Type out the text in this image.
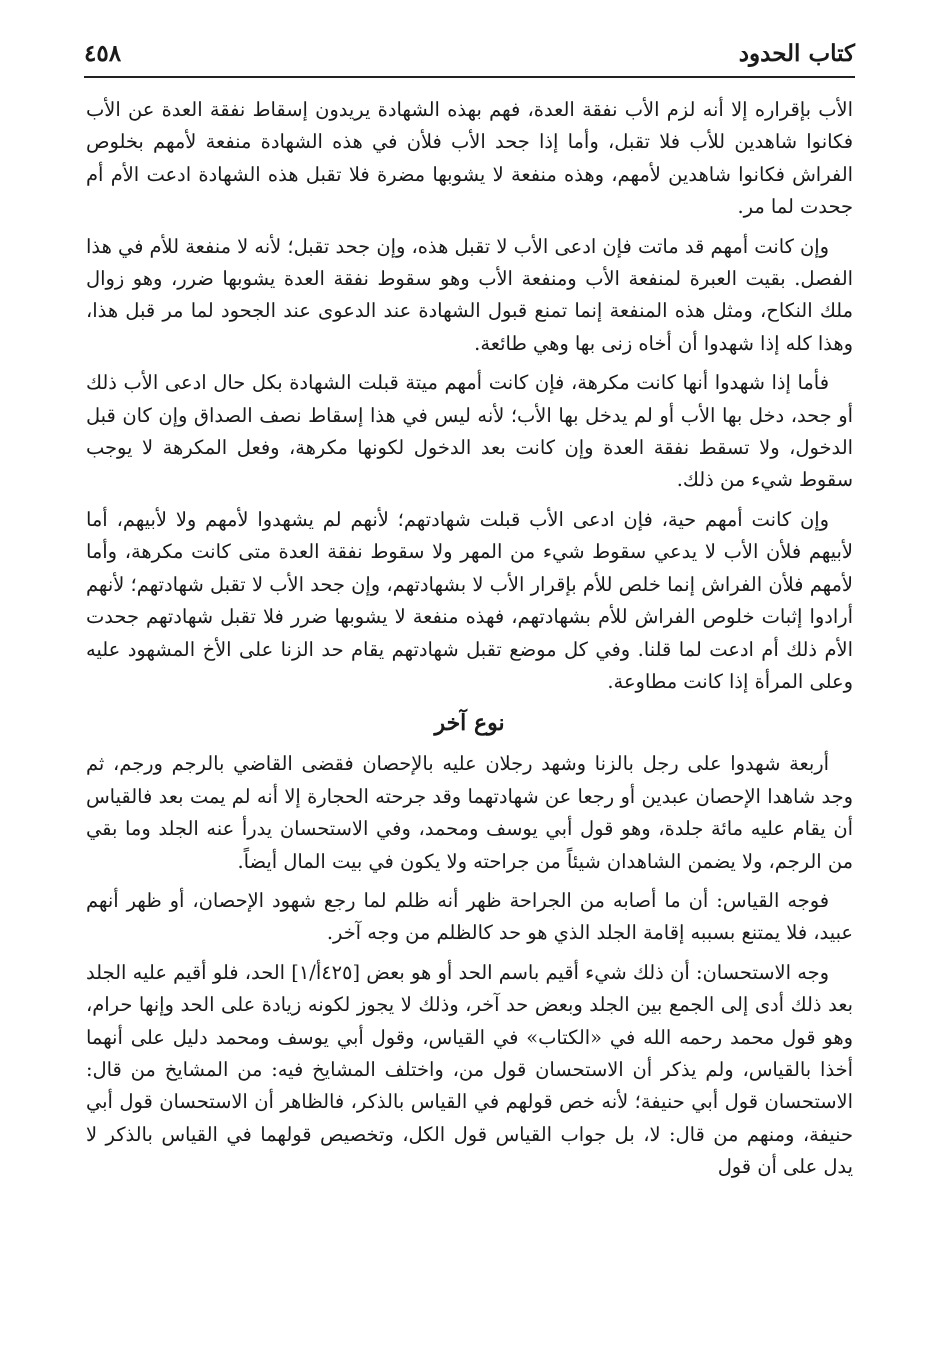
كتاب الحدود
٤٥٨

الأب بإقراره إلا أنه لزم الأب نفقة العدة، فهم بهذه الشهادة يريدون إسقاط نفقة العدة عن الأب فكانوا شاهدين للأب فلا تقبل، وأما إذا جحد الأب فلأن في هذه الشهادة منفعة لأمهم بخلوص الفراش فكانوا شاهدين لأمهم، وهذه منفعة لا يشوبها مضرة فلا تقبل هذه الشهادة ادعت الأم أم جحدت لما مر.

وإن كانت أمهم قد ماتت فإن ادعى الأب لا تقبل هذه، وإن جحد تقبل؛ لأنه لا منفعة للأم في هذا الفصل. بقيت العبرة لمنفعة الأب ومنفعة الأب وهو سقوط نفقة العدة يشوبها ضرر، وهو زوال ملك النكاح، ومثل هذه المنفعة إنما تمنع قبول الشهادة عند الدعوى عند الجحود لما مر قبل هذا، وهذا كله إذا شهدوا أن أخاه زنى بها وهي طائعة.

فأما إذا شهدوا أنها كانت مكرهة، فإن كانت أمهم ميتة قبلت الشهادة بكل حال ادعى الأب ذلك أو جحد، دخل بها الأب أو لم يدخل بها الأب؛ لأنه ليس في هذا إسقاط نصف الصداق وإن كان قبل الدخول، ولا تسقط نفقة العدة وإن كانت بعد الدخول لكونها مكرهة، وفعل المكرهة لا يوجب سقوط شيء من ذلك.

وإن كانت أمهم حية، فإن ادعى الأب قبلت شهادتهم؛ لأنهم لم يشهدوا لأمهم ولا لأبيهم، أما لأبيهم فلأن الأب لا يدعي سقوط شيء من المهر ولا سقوط نفقة العدة متى كانت مكرهة، وأما لأمهم فلأن الفراش إنما خلص للأم بإقرار الأب لا بشهادتهم، وإن جحد الأب لا تقبل شهادتهم؛ لأنهم أرادوا إثبات خلوص الفراش للأم بشهادتهم، فهذه منفعة لا يشوبها ضرر فلا تقبل شهادتهم جحدت الأم ذلك أم ادعت لما قلنا. وفي كل موضع تقبل شهادتهم يقام حد الزنا على الأخ المشهود عليه وعلى المرأة إذا كانت مطاوعة.

نوع آخر

أربعة شهدوا على رجل بالزنا وشهد رجلان عليه بالإحصان فقضى القاضي بالرجم ورجم، ثم وجد شاهدا الإحصان عبدين أو رجعا عن شهادتهما وقد جرحته الحجارة إلا أنه لم يمت بعد فالقياس أن يقام عليه مائة جلدة، وهو قول أبي يوسف ومحمد، وفي الاستحسان يدرأ عنه الجلد وما بقي من الرجم، ولا يضمن الشاهدان شيئاً من جراحته ولا يكون في بيت المال أيضاً.

فوجه القياس: أن ما أصابه من الجراحة ظهر أنه ظلم لما رجع شهود الإحصان، أو ظهر أنهم عبيد، فلا يمتنع بسببه إقامة الجلد الذي هو حد كالظلم من وجه آخر.

وجه الاستحسان: أن ذلك شيء أقيم باسم الحد أو هو بعض [٤٢٥أ/١] الحد، فلو أقيم عليه الجلد بعد ذلك أدى إلى الجمع بين الجلد وبعض حد آخر، وذلك لا يجوز لكونه زيادة على الحد وإنها حرام، وهو قول محمد رحمه الله في «الكتاب» في القياس، وقول أبي يوسف ومحمد دليل على أنهما أخذا بالقياس، ولم يذكر أن الاستحسان قول من، واختلف المشايخ فيه: من المشايخ من قال: الاستحسان قول أبي حنيفة؛ لأنه خص قولهم في القياس بالذكر، فالظاهر أن الاستحسان قول أبي حنيفة، ومنهم من قال: لا، بل جواب القياس قول الكل، وتخصيص قولهما في القياس بالذكر لا يدل على أن قول
